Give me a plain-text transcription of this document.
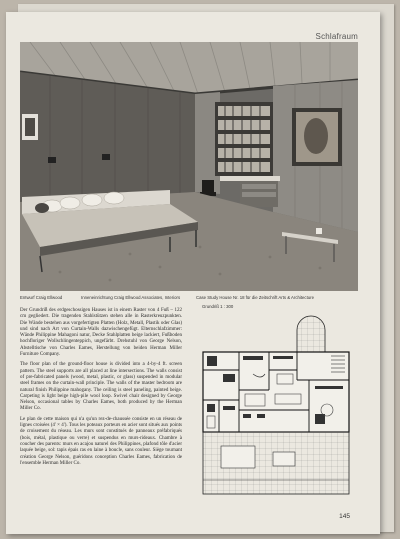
Schlafraum
Entwurf Craig Ellwood	Inneneinrichtung Craig Ellwood Associates, Interiors	Case Study House Nr. 18 für die Zeitschrift Arts & Architecture

Der Grundriß des erdgeschossigen Hauses ist in einem Raster von 4 Fuß – 122 cm gegliedert. Die tragenden Stahlstützen stehen alle in Rasterkreuzpunkten. Die Wände bestehen aus vorgefertigten Platten (Holz, Metall, Plastik oder Glas) und sind nach Art von Curtain-Walls dazwischengefügt. Elternschlafzimmer: Wände Philippine Mahagoni natur, Decke Stahlplatten beige lackiert, Fußboden hochfloriger Wollschlingenteppich, ungefärbt. Drehstuhl von George Nelson, Abstelltische von Charles Eames, Herstellung von beiden Herman Miller Furniture Company.

The floor plan of the ground-floor house is divided into a 4-by-4 ft. screen pattern. The steel supports are all placed at line intersections. The walls consist of pre-fabricated panels (wood, metal, plastic, or glass) suspended in modular steel frames on the curtain-wall principle. The walls of the master bedroom are natural finish Philippine mahogany. The ceiling is steel paneling, painted beige. Carpeting is light beige high-pile wool loop. Swivel chair designed by George Nelson, occasional tables by Charles Eames, both produced by the Herman Miller Co.

Le plan de cette maison qui n'a qu'un rez-de-chaussée consiste en un réseau de lignes croisées (4' × 4'). Tous les poteaux porteurs en acier sont situés aux points de croisement du réseau. Les murs sont constitués de panneaux préfabriqués (bois, métal, plastique ou verre) et suspendus en murs-rideaux. Chambre à coucher des parents: murs en acajou naturel des Philippines, plafond tôle d'acier laquée beige, sol: tapis épais ras en laine à boucle, sans couleur. Siège tournant création George Nelson, guéridons conception Charles Eames, fabrication de l'ensemble Herman Miller Co.

Grundriß 1 : 300
145
